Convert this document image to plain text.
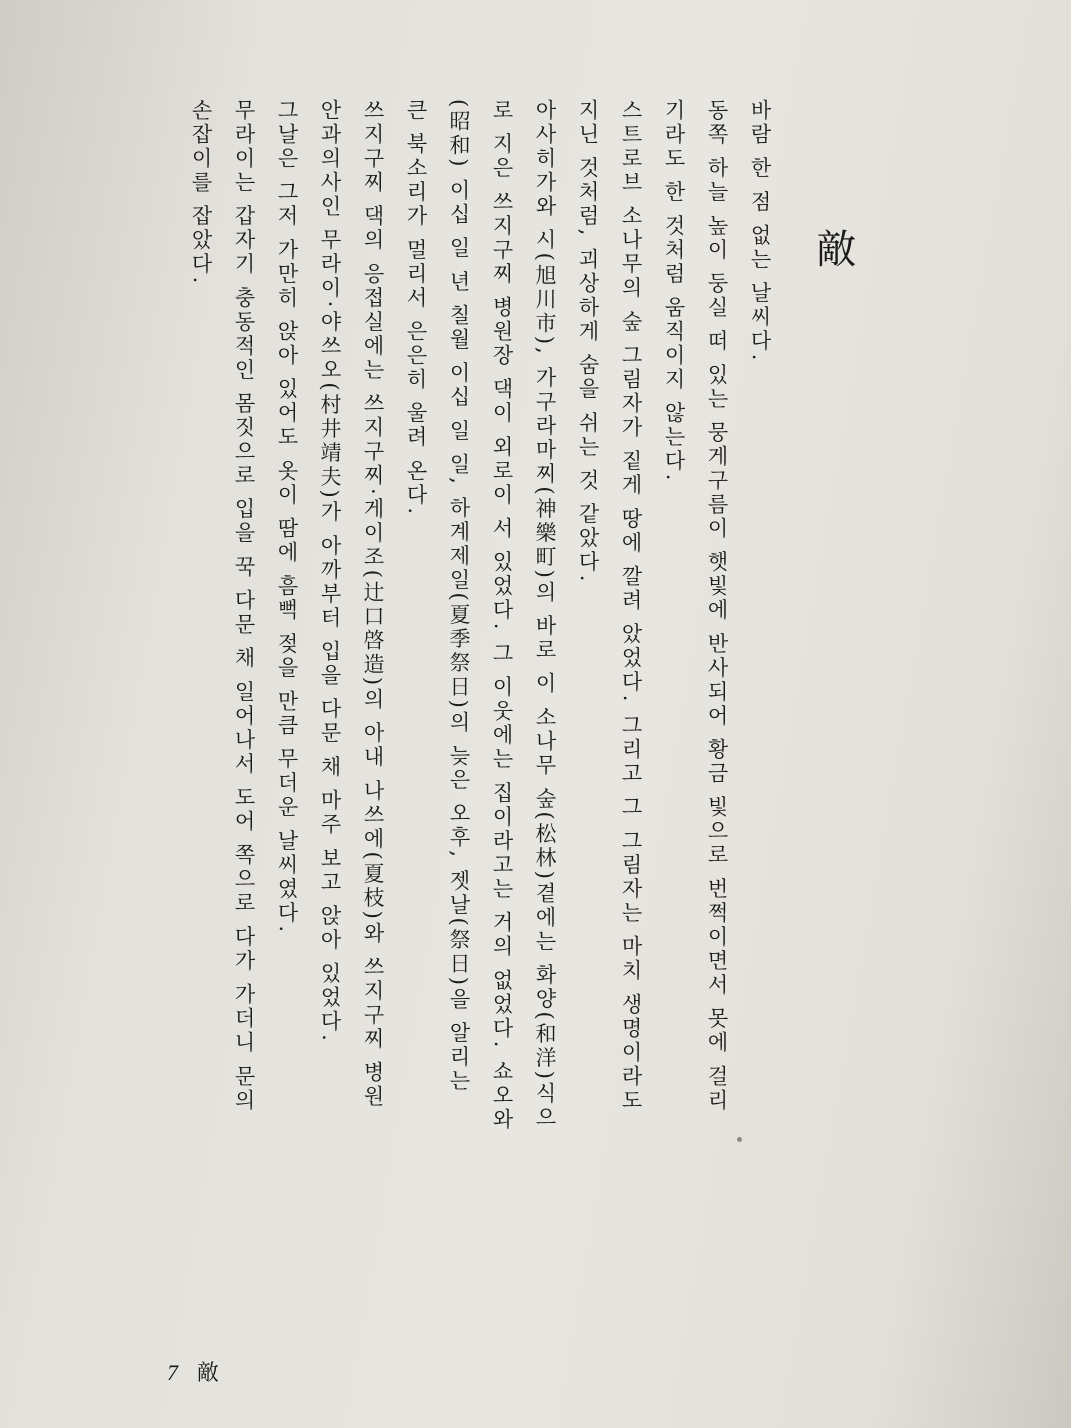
敵

바람 한 점 없는 날씨다.
동쪽 하늘 높이 둥실 떠 있는 뭉게구름이 햇빛에 반사되어 황금 빛으로 번쩍이면서 못에 걸리
기라도 한 것처럼 움직이지 않는다.

스트로브 소나무의 숲 그림자가 짙게 땅에 깔려 았었다. 그리고 그 그림자는 마치 생명이라도
지닌 것처럼, 괴상하게 숨을 쉬는 것 같았다.

아사히가와 시(旭川市), 가구라마찌(神樂町)의 바로 이 소나무 숲(松林)곁에는 화양(和洋)식으
로 지은 쓰지구찌 병원장 댁이 외로이 서 있었다. 그 이웃에는 집이라고는 거의 없었다. 쇼오와
(昭和) 이십 일 년 칠월 이십 일 일, 하계제일(夏季祭日)의 늦은 오후, 젯날(祭日)을 알리는
큰 북소리가 멀리서 은은히 울려 온다.

쓰지구찌 댁의 응접실에는 쓰지구찌·게이조(辻口啓造)의 아내 나쓰에(夏枝)와 쓰지구찌 병원
안과의사인 무라이·야쓰오(村井靖夫)가 아까부터 입을 다문 채 마주 보고 앉아 있었다.

그날은 그저 가만히 앉아 있어도 옷이 땀에 흠뻑 젖을 만큼 무더운 날씨였다.

무라이는 갑자기 충동적인 몸짓으로 입을 꾹 다문 채 일어나서 도어 쪽으로 다가 가더니 문의
손잡이를 잡았다.

7 敵
